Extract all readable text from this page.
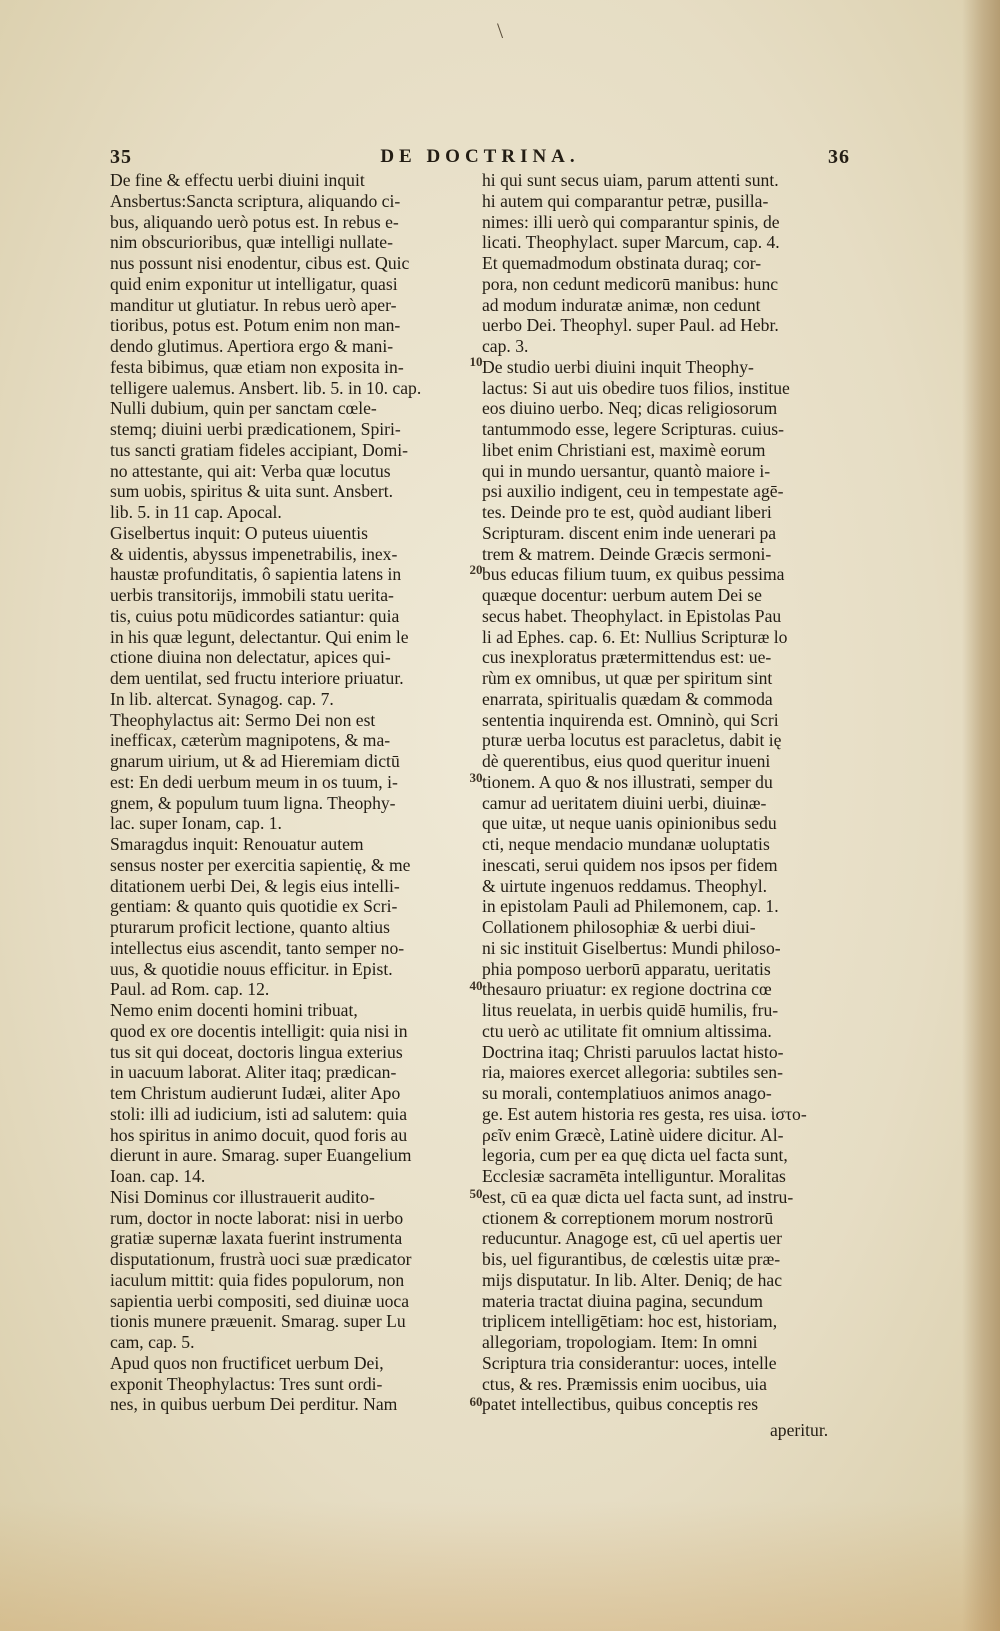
\
35	DE DOCTRINA.	36
De fine & effectu uerbi diuini inquit
Ansbertus:Sancta scriptura, aliquando ci-
bus, aliquando uerò potus est. In rebus e-
nim obscurioribus, quæ intelligi nullate-
nus possunt nisi enodentur, cibus est. Quic
quid enim exponitur ut intelligatur, quasi
manditur ut glutiatur. In rebus uerò aper-
tioribus, potus est. Potum enim non man-
dendo glutimus. Apertiora ergo & mani-
festa bibimus, quæ etiam non exposita in-
telligere ualemus. Ansbert. lib. 5. in 10. cap.
Nulli dubium, quin per sanctam cœle-
stemq; diuini uerbi prædicationem, Spiri-
tus sancti gratiam fideles accipiant, Domi-
no attestante, qui ait: Verba quæ locutus
sum uobis, spiritus & uita sunt. Ansbert.
lib. 5. in 11 cap. Apocal.
Giselbertus inquit: O puteus uiuentis
& uidentis, abyssus impenetrabilis, inex-
haustæ profunditatis, ô sapientia latens in
uerbis transitorijs, immobili statu uerita-
tis, cuius potu mūdicordes satiantur: quia
in his quæ legunt, delectantur. Qui enim le
ctione diuina non delectatur, apices qui-
dem uentilat, sed fructu interiore priuatur.
In lib. altercat. Synagog. cap. 7.
Theophylactus ait: Sermo Dei non est
inefficax, cæterùm magnipotens, & ma-
gnarum uirium, ut & ad Hieremiam dictū
est: En dedi uerbum meum in os tuum, i-
gnem, & populum tuum ligna. Theophy-
lac. super Ionam, cap. 1.
Smaragdus inquit: Renouatur autem
sensus noster per exercitia sapientię, & me
ditationem uerbi Dei, & legis eius intelli-
gentiam: & quanto quis quotidie ex Scri-
pturarum proficit lectione, quanto altius
intellectus eius ascendit, tanto semper no-
uus, & quotidie nouus efficitur. in Epist.
Paul. ad Rom. cap. 12.
Nemo enim docenti homini tribuat,
quod ex ore docentis intelligit: quia nisi in
tus sit qui doceat, doctoris lingua exterius
in uacuum laborat. Aliter itaq; prædican-
tem Christum audierunt Iudæi, aliter Apo
stoli: illi ad iudicium, isti ad salutem: quia
hos spiritus in animo docuit, quod foris au
dierunt in aure. Smarag. super Euangelium
Ioan. cap. 14.
Nisi Dominus cor illustrauerit audito-
rum, doctor in nocte laborat: nisi in uerbo
gratiæ supernæ laxata fuerint instrumenta
disputationum, frustrà uoci suæ prædicator
iaculum mittit: quia fides populorum, non
sapientia uerbi compositi, sed diuinæ uoca
tionis munere præuenit. Smarag. super Lu
cam, cap. 5.
Apud quos non fructificet uerbum Dei,
exponit Theophylactus: Tres sunt ordi-
nes, in quibus uerbum Dei perditur. Nam
hi qui sunt secus uiam, parum attenti sunt.
hi autem qui comparantur petræ, pusilla-
nimes: illi uerò qui comparantur spinis, de
licati. Theophylact. super Marcum, cap. 4.
Et quemadmodum obstinata duraq; cor-
pora, non cedunt medicorū manibus: hunc
ad modum induratæ animæ, non cedunt
uerbo Dei. Theophyl. super Paul. ad Hebr.
cap. 3.
De studio uerbi diuini inquit Theophy-
lactus: Si aut uis obedire tuos filios, institue
eos diuino uerbo. Neq; dicas religiosorum
tantummodo esse, legere Scripturas. cuius-
libet enim Christiani est, maximè eorum
qui in mundo uersantur, quantò maiore i-
psi auxilio indigent, ceu in tempestate agē-
tes. Deinde pro te est, quòd audiant liberi
Scripturam. discent enim inde uenerari pa
trem & matrem. Deinde Græcis sermoni-
bus educas filium tuum, ex quibus pessima
quæque docentur: uerbum autem Dei se
secus habet. Theophylact. in Epistolas Pau
li ad Ephes. cap. 6. Et: Nullius Scripturæ lo
cus inexploratus prætermittendus est: ue-
rùm ex omnibus, ut quæ per spiritum sint
enarrata, spiritualis quædam & commoda
sententia inquirenda est. Omninò, qui Scri
pturæ uerba locutus est paracletus, dabit ię
dè querentibus, eius quod queritur inueni
tionem. A quo & nos illustrati, semper du
camur ad ueritatem diuini uerbi, diuinæ-
que uitæ, ut neque uanis opinionibus sedu
cti, neque mendacio mundanæ uoluptatis
inescati, serui quidem nos ipsos per fidem
& uirtute ingenuos reddamus. Theophyl.
in epistolam Pauli ad Philemonem, cap. 1.
Collationem philosophiæ & uerbi diui-
ni sic instituit Giselbertus: Mundi philoso-
phia pomposo uerborū apparatu, ueritatis
thesauro priuatur: ex regione doctrina cœ
litus reuelata, in uerbis quidē humilis, fru-
ctu uerò ac utilitate fit omnium altissima.
Doctrina itaq; Christi paruulos lactat histo-
ria, maiores exercet allegoria: subtiles sen-
su morali, contemplatiuos animos anago-
ge. Est autem historia res gesta, res uisa. ἱστο-
ρεῖν enim Græcè, Latinè uidere dicitur. Al-
legoria, cum per ea quę dicta uel facta sunt,
Ecclesiæ sacramēta intelliguntur. Moralitas
est, cū ea quæ dicta uel facta sunt, ad instru-
ctionem & correptionem morum nostrorū
reducuntur. Anagoge est, cū uel apertis uer
bis, uel figurantibus, de cœlestis uitæ præ-
mijs disputatur. In lib. Alter. Deniq; de hac
materia tractat diuina pagina, secundum
triplicem intelligētiam: hoc est, historiam,
allegoriam, tropologiam. Item: In omni
Scriptura tria considerantur: uoces, intelle
ctus, & res. Præmissis enim uocibus, uia
patet intellectibus, quibus conceptis res
10
20
30
40
50
60
aperitur.
